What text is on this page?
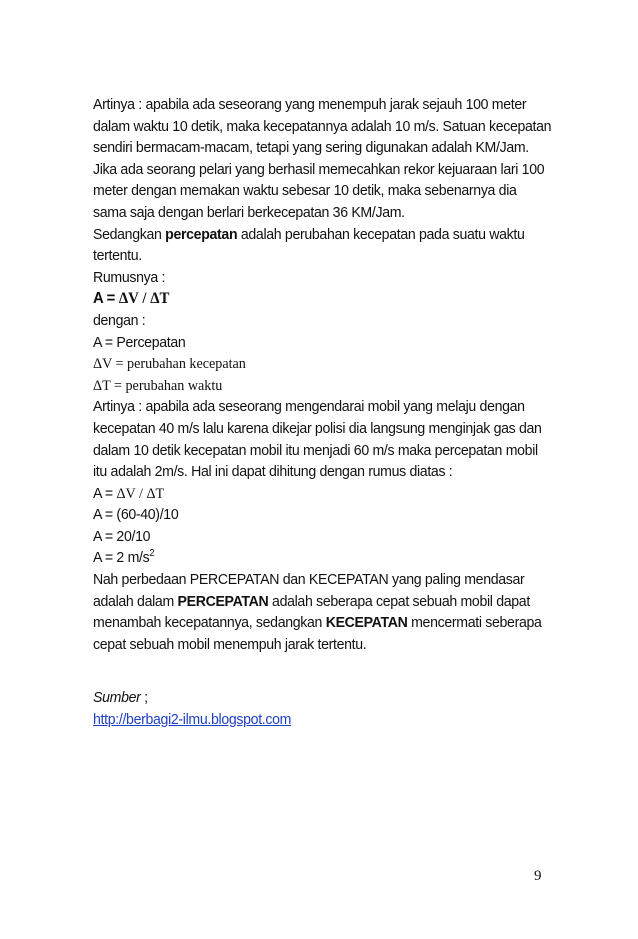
Artinya : apabila ada seseorang yang menempuh jarak sejauh 100 meter dalam waktu 10 detik, maka kecepatannya adalah 10 m/s. Satuan kecepatan sendiri bermacam-macam, tetapi yang sering digunakan adalah KM/Jam.

Jika ada seorang pelari yang berhasil memecahkan rekor kejuaraan lari 100 meter dengan memakan waktu sebesar 10 detik, maka sebenarnya dia sama saja dengan berlari berkecepatan 36 KM/Jam.

Sedangkan percepatan adalah perubahan kecepatan pada suatu waktu tertentu.

Rumusnya :

A = ΔV / ΔT

dengan :

A = Percepatan

ΔV = perubahan kecepatan

ΔT = perubahan waktu

Artinya : apabila ada seseorang mengendarai mobil yang melaju dengan kecepatan 40 m/s lalu karena dikejar polisi dia langsung menginjak gas dan dalam 10 detik kecepatan mobil itu menjadi 60 m/s maka percepatan mobil itu adalah 2m/s. Hal ini dapat dihitung dengan rumus diatas :

A = ΔV / ΔT

A = (60-40)/10

A = 20/10

A = 2 $m/s^2$

Nah perbedaan PERCEPATAN dan KECEPATAN yang paling mendasar adalah dalam PERCEPATAN adalah seberapa cepat sebuah mobil dapat menambah kecepatannya, sedangkan KECEPATAN mencermati seberapa cepat sebuah mobil menempuh jarak tertentu.

Sumber ;

http://berbagi2-ilmu.blogspot.com

9
